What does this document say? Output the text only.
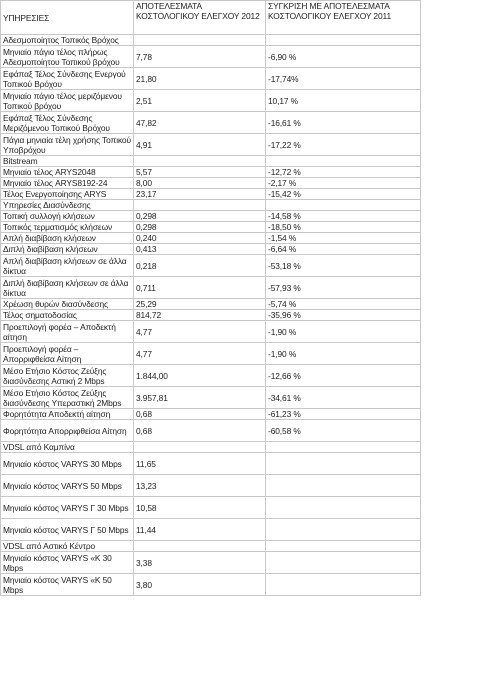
ΥΠΗΡΕΣΙΕΣ	ΑΠΟΤΕΛΕΣΜΑΤΑ ΚΟΣΤΟΛΟΓΙΚΟΥ ΕΛΕΓΧΟΥ 2012	ΣΥΓΚΡΙΣΗ ΜΕ ΑΠΟΤΕΛΕΣΜΑΤΑ ΚΟΣΤΟΛΟΓΙΚΟΥ ΕΛΕΓΧΟΥ 2011
Αδεσμοποίητος Τοπικός Βρόχος		
Μηνιαίο πάγιο τέλος πλήρως Αδεσμοποίητου Τοπικού βρόχου	7,78	-6,90 %
Εφάπαξ Τέλος Σύνδεσης Ενεργού Τοπικού Βρόχου	21,80	-17,74%
Μηνιαίο πάγιο τέλος μεριζόμενου Τοπικού βρόχου	2,51	10,17 %
Εφάπαξ Τέλος Σύνδεσης Μεριζόμενου Τοπικού Βρόχου	47,82	-16,61 %
Πάγια μηνιαία τέλη χρήσης Τοπικού Υποβρόχου	4,91	-17,22 %
Bitstream		
Μηνιαίο τέλος ARYS2048	5,57	-12,72 %
Μηνιαίο τέλος ARYS8192-24	8,00	-2,17 %
Τέλος Ενεργοποίησης ARYS	23,17	-15,42 %
Υπηρεσίες Διασύνδεσης		
Τοπική συλλογή κλήσεων	0,298	-14,58 %
Τοπικός τερματισμός κλήσεων	0,298	-18,50 %
Απλή διαβίβαση κλήσεων	0,240	-1,54 %
Διπλή διαβίβαση κλήσεων	0,413	-6,64 %
Απλή διαβίβαση κλήσεων σε άλλα δίκτυα	0,218	-53,18 %
Διπλή διαβίβαση κλήσεων σε άλλα δίκτυα	0,711	-57,93 %
Χρέωση θυρών διασύνδεσης	25,29	-5,74 %
Τέλος σηματοδοσίας	814,72	-35,96 %
Προεπιλογή φορέα – Αποδεκτή αίτηση	4,77	-1,90 %
Προεπιλογή φορέα – Απορριφθείσα Αίτηση	4,77	-1,90 %
Μέσο Ετήσιο Κόστος Ζεύξης διασύνδεσης Αστική 2 Mbps	1.844,00	-12,66 %
Μέσο Ετήσιο Κόστος Ζεύξης διασύνδεσης Υπεραστική 2Mbps	3.957,81	-34,61 %
Φορητότητα Αποδεκτή αίτηση	0,68	-61,23 %
Φορητότητα Απορριφθείσα Αίτηση	0,68	-60,58 %
VDSL από Καμπίνα		
Μηνιαίο κόστος VARYS 30 Mbps	11,65	
Μηνιαίο κόστος VARYS 50 Mbps	13,23	
Μηνιαίο κόστος VARYS Γ 30 Mbps	10,58	
Μηνιαίο κόστος VARYS Γ 50 Mbps	11,44	
VDSL από Αστικό Κέντρο		
Μηνιαίο κόστος VARYS «Κ 30 Mbps	3,38	
Μηνιαίο κόστος VARYS «Κ 50 Mbps	3,80	
